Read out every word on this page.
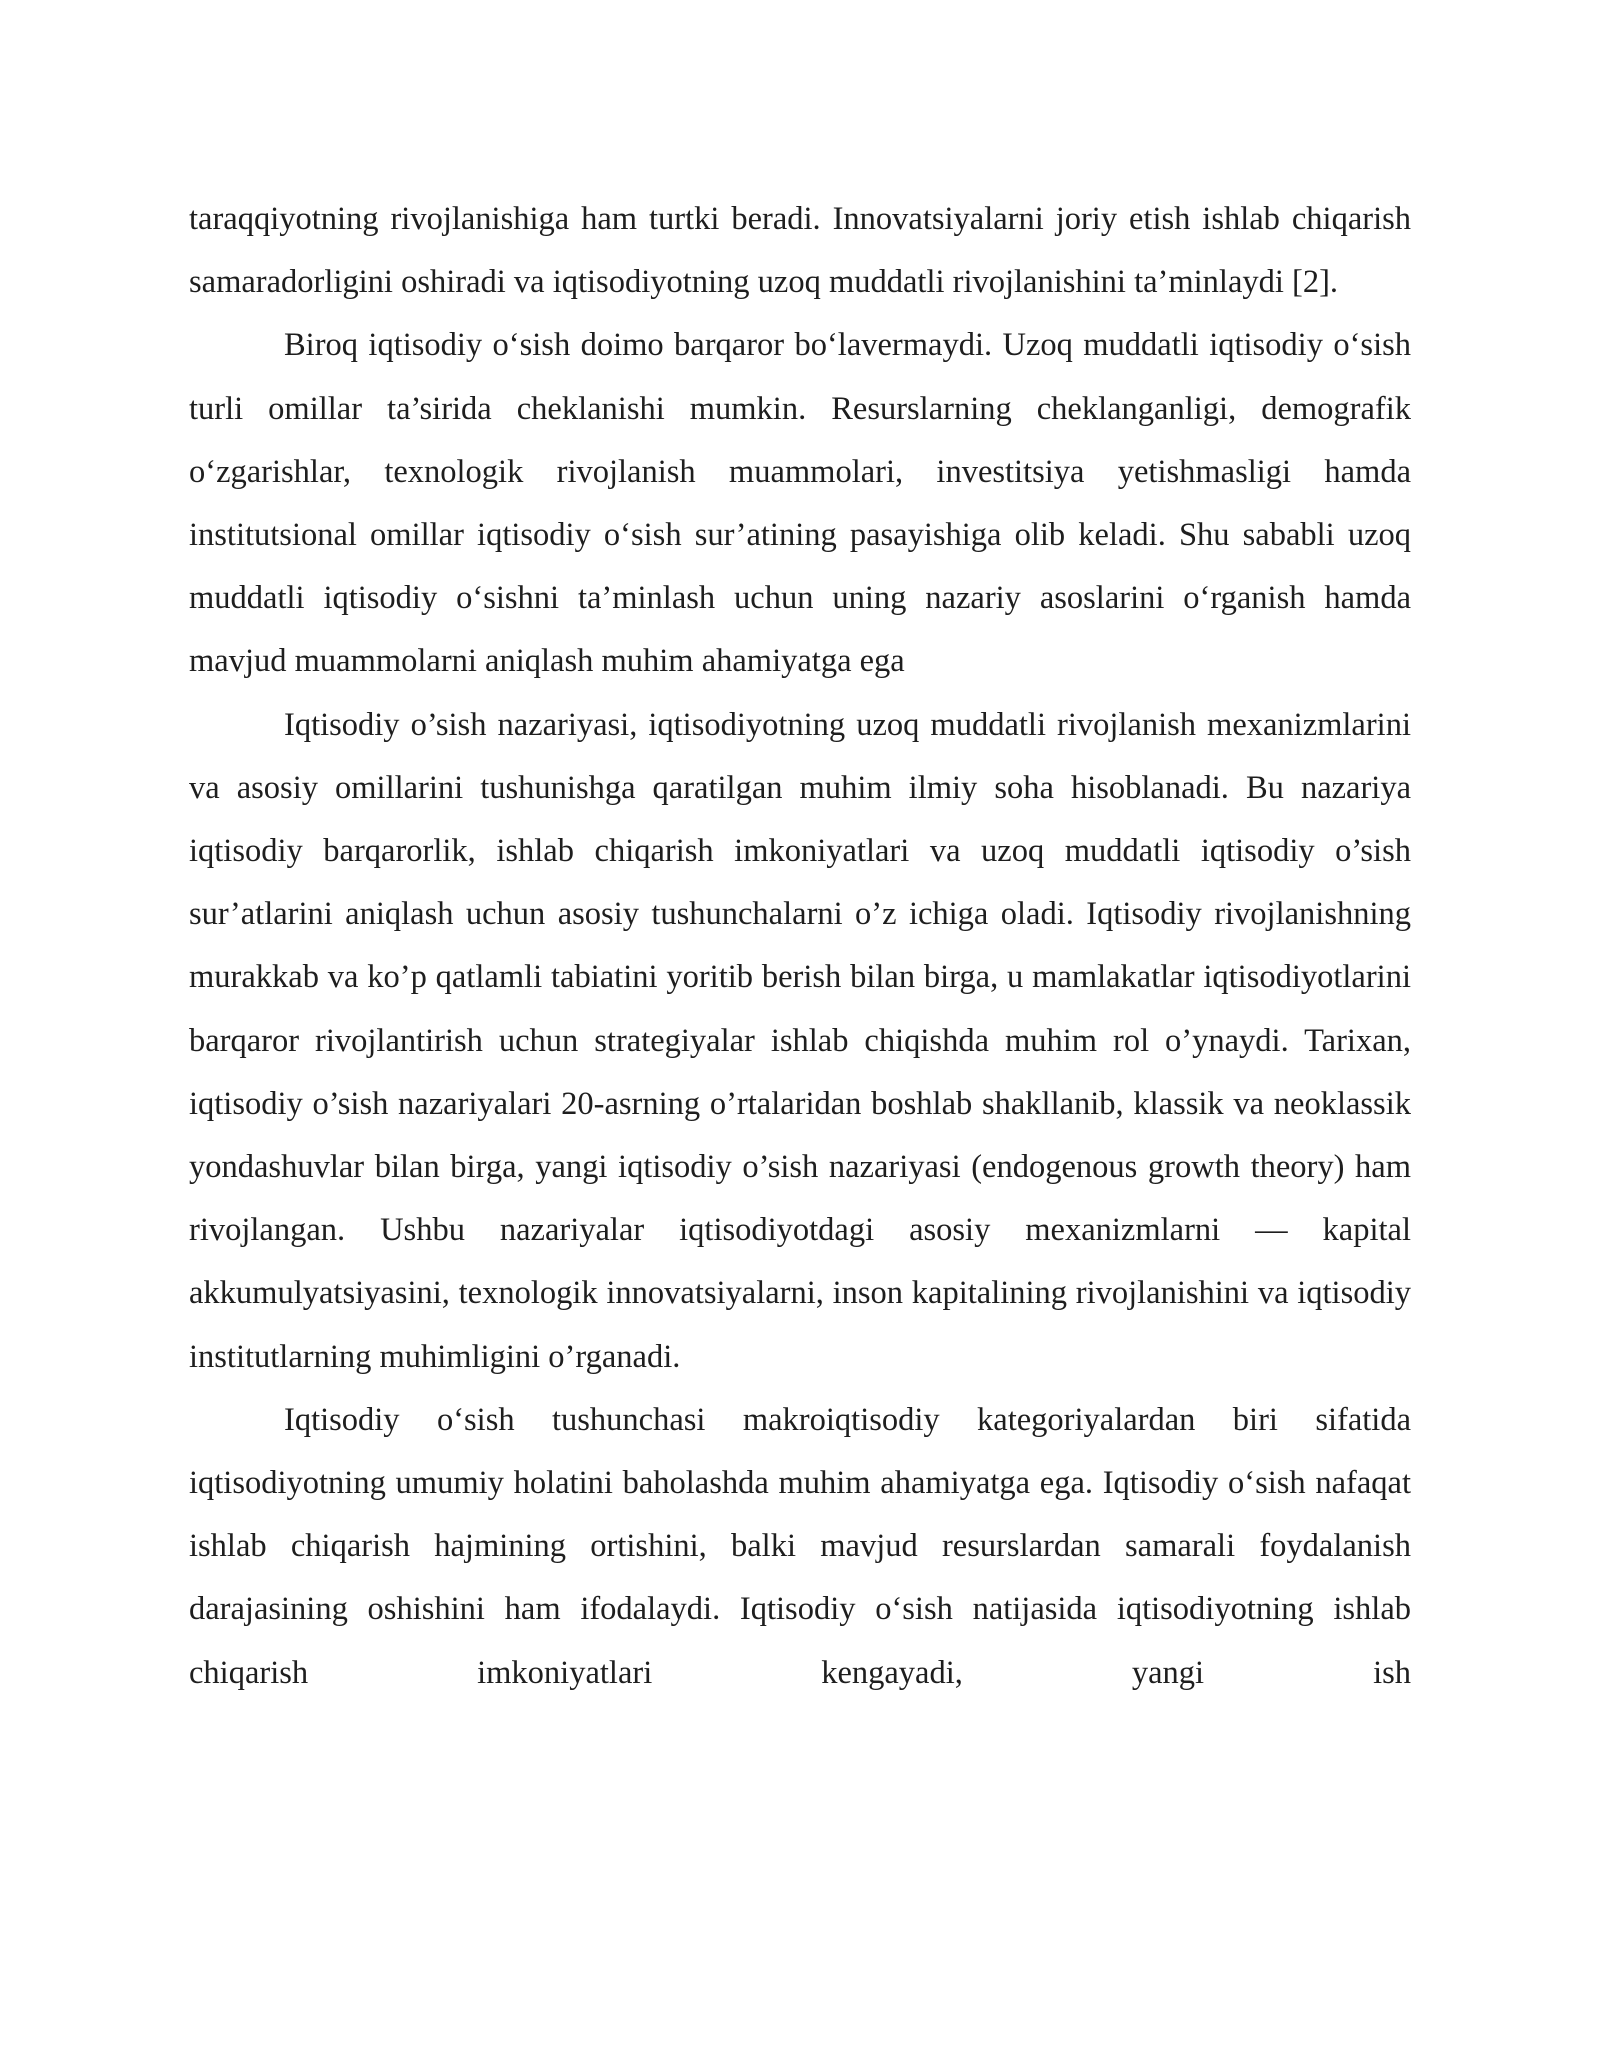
taraqqiyotning rivojlanishiga ham turtki beradi. Innovatsiyalarni joriy etish ishlab chiqarish samaradorligini oshiradi va iqtisodiyotning uzoq muddatli rivojlanishini ta’minlaydi [2].

Biroq iqtisodiy o‘sish doimo barqaror bo‘lavermaydi. Uzoq muddatli iqtisodiy o‘sish turli omillar ta’sirida cheklanishi mumkin. Resurslarning cheklanganligi, demografik o‘zgarishlar, texnologik rivojlanish muammolari, investitsiya yetishmasligi hamda institutsional omillar iqtisodiy o‘sish sur’atining pasayishiga olib keladi. Shu sababli uzoq muddatli iqtisodiy o‘sishni ta’minlash uchun uning nazariy asoslarini o‘rganish hamda mavjud muammolarni aniqlash muhim ahamiyatga ega

Iqtisodiy o’sish nazariyasi, iqtisodiyotning uzoq muddatli rivojlanish mexanizmlarini va asosiy omillarini tushunishga qaratilgan muhim ilmiy soha hisoblanadi. Bu nazariya iqtisodiy barqarorlik, ishlab chiqarish imkoniyatlari va uzoq muddatli iqtisodiy o’sish sur’atlarini aniqlash uchun asosiy tushunchalarni o’z ichiga oladi. Iqtisodiy rivojlanishning murakkab va ko’p qatlamli tabiatini yoritib berish bilan birga, u mamlakatlar iqtisodiyotlarini barqaror rivojlantirish uchun strategiyalar ishlab chiqishda muhim rol o’ynaydi. Tarixan, iqtisodiy o’sish nazariyalari 20-asrning o’rtalaridan boshlab shakllanib, klassik va neoklassik yondashuvlar bilan birga, yangi iqtisodiy o’sish nazariyasi (endogenous growth theory) ham rivojlangan. Ushbu nazariyalar iqtisodiyotdagi asosiy mexanizmlarni — kapital akkumulyatsiyasini, texnologik innovatsiyalarni, inson kapitalining rivojlanishini va iqtisodiy institutlarning muhimligini o’rganadi.

Iqtisodiy o‘sish tushunchasi makroiqtisodiy kategoriyalardan biri sifatida iqtisodiyotning umumiy holatini baholashda muhim ahamiyatga ega. Iqtisodiy o‘sish nafaqat ishlab chiqarish hajmining ortishini, balki mavjud resurslardan samarali foydalanish darajasining oshishini ham ifodalaydi. Iqtisodiy o‘sish natijasida iqtisodiyotning ishlab chiqarish imkoniyatlari kengayadi, yangi ish
